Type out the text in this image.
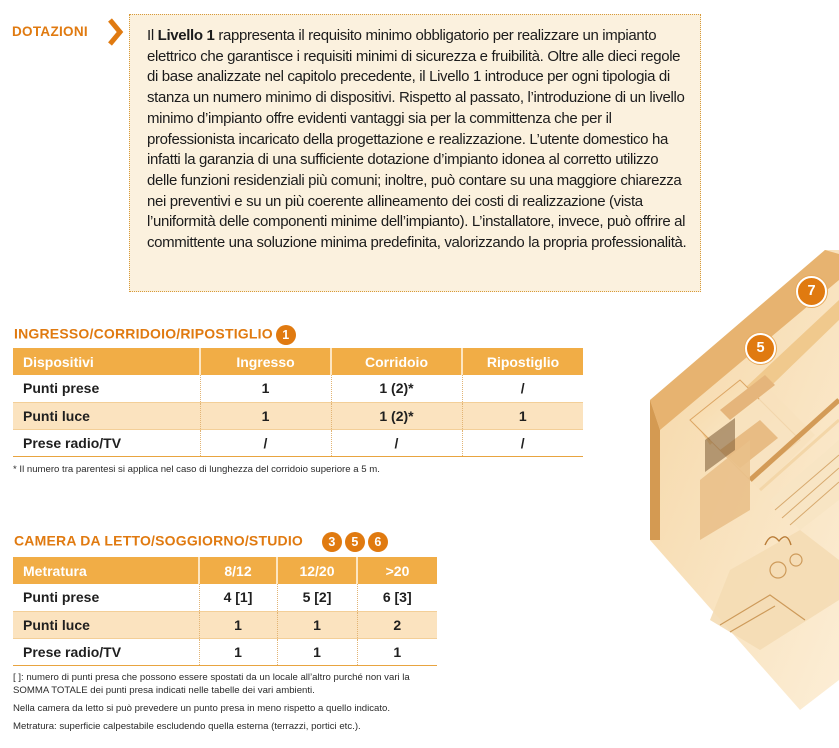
DOTAZIONI	Il Livello 1 rappresenta il requisito minimo obbligatorio per realizzare un impianto elettrico che garantisce i requisiti minimi di sicurezza e fruibilità. Oltre alle dieci regole di base analizzate nel capitolo precedente, il Livello 1 introduce per ogni tipologia di stanza un numero minimo di dispositivi. Rispetto al passato, l’introduzione di un livello minimo d’impianto offre evidenti vantaggi sia per la committenza che per il professionista incaricato della progettazione e realizzazione. L’utente domestico ha infatti la garanzia di una sufficiente dotazione d’impianto idonea al corretto utilizzo delle funzioni residenziali più comuni; inoltre, può contare su una maggiore chiarezza nei preventivi e su un più coerente allineamento dei costi di realizzazione (vista l’uniformità delle componenti minime dell’impianto). L’installatore, invece, può offrire al committente una soluzione minima predefinita, valorizzando la propria professionalità.

INGRESSO/CORRIDOIO/RIPOSTIGLIO 1
Dispositivi	Ingresso	Corridoio	Ripostiglio
Punti prese	1	1 (2)*	/
Punti luce	1	1 (2)*	1
Prese radio/TV	/	/	/
* Il numero tra parentesi si applica nel caso di lunghezza del corridoio superiore a 5 m.
CAMERA DA LETTO/SOGGIORNO/STUDIO 3 5 6
Metratura	8/12	12/20	>20
Punti prese	4 [1]	5 [2]	6 [3]
Punti luce	1	1	2
Prese radio/TV	1	1	1
[ ]: numero di punti presa che possono essere spostati da un locale all’altro purché non vari la
SOMMA TOTALE dei punti presa indicati nelle tabelle dei vari ambienti.
Nella camera da letto si può prevedere un punto presa in meno rispetto a quello indicato.
Metratura: superficie calpestabile escludendo quella esterna (terrazzi, portici etc.).
7
5
